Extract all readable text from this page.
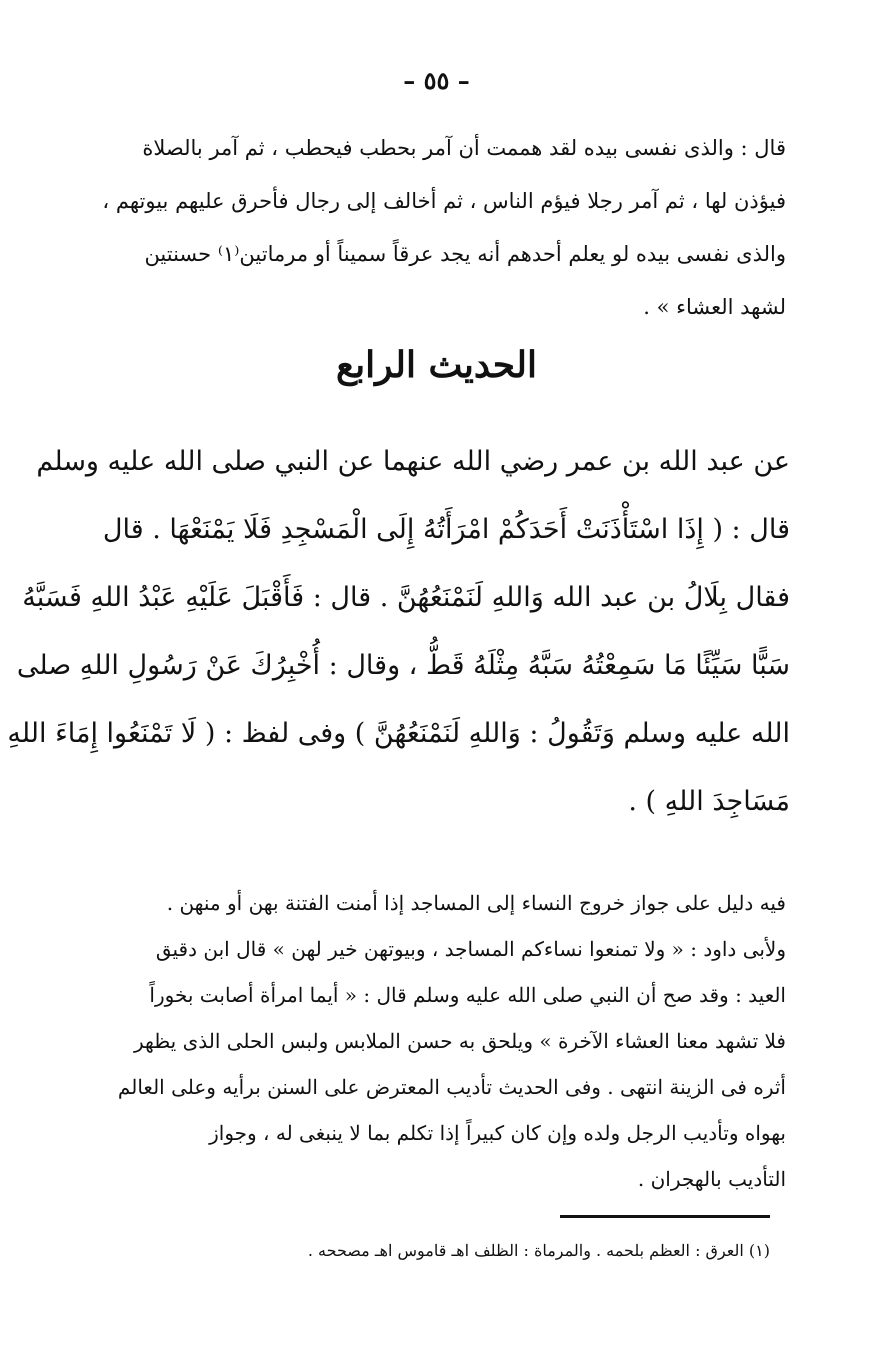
– ٥٥ –
قال : والذى نفسى بيده لقد هممت أن آمر بحطب فيحطب ، ثم آمر بالصلاة
فيؤذن لها ، ثم آمر رجلا فيؤم الناس ، ثم أخالف إلى رجال فأحرق عليهم بيوتهم ،
والذى نفسى بيده لو يعلم أحدهم أنه يجد عرقاً سميناً أو مرماتين⁽١⁾ حسنتين
لشهد العشاء » .
الحديث الرابع
عن عبد الله بن عمر رضي الله عنهما عن النبي صلى الله عليه وسلم
قال : ( إِذَا اسْتَأْذَنَتْ أَحَدَكُمْ امْرَأَتُهُ إِلَى الْمَسْجِدِ فَلَا يَمْنَعْهَا . قال
فقال بِلَالُ بن عبد الله وَاللهِ لَنَمْنَعُهُنَّ . قال : فَأَقْبَلَ عَلَيْهِ عَبْدُ اللهِ فَسَبَّهُ
سَبًّا سَيِّئًا مَا سَمِعْتُهُ سَبَّهُ مِثْلَهُ قَطُّ ، وقال : أُخْبِرُكَ عَنْ رَسُولِ اللهِ صلى
الله عليه وسلم وَتَقُولُ : وَاللهِ لَنَمْنَعُهُنَّ ) وفى لفظ : ( لَا تَمْنَعُوا إِمَاءَ اللهِ
مَسَاجِدَ اللهِ ) .
فيه دليل على جواز خروج النساء إلى المساجد إذا أمنت الفتنة بهن أو منهن .
ولأبى داود : « ولا تمنعوا نساءكم المساجد ، وبيوتهن خير لهن » قال ابن دقيق
العيد : وقد صح أن النبي صلى الله عليه وسلم قال : « أيما امرأة أصابت بخوراً
فلا تشهد معنا العشاء الآخرة » ويلحق به حسن الملابس ولبس الحلى الذى يظهر
أثره فى الزينة انتهى . وفى الحديث تأديب المعترض على السنن برأيه وعلى العالم
بهواه وتأديب الرجل ولده وإن كان كبيراً إذا تكلم بما لا ينبغى له ، وجواز
التأديب بالهجران .
(١) العرق : العظم بلحمه . والمرماة : الظلف اهـ قاموس اهـ مصححه .
